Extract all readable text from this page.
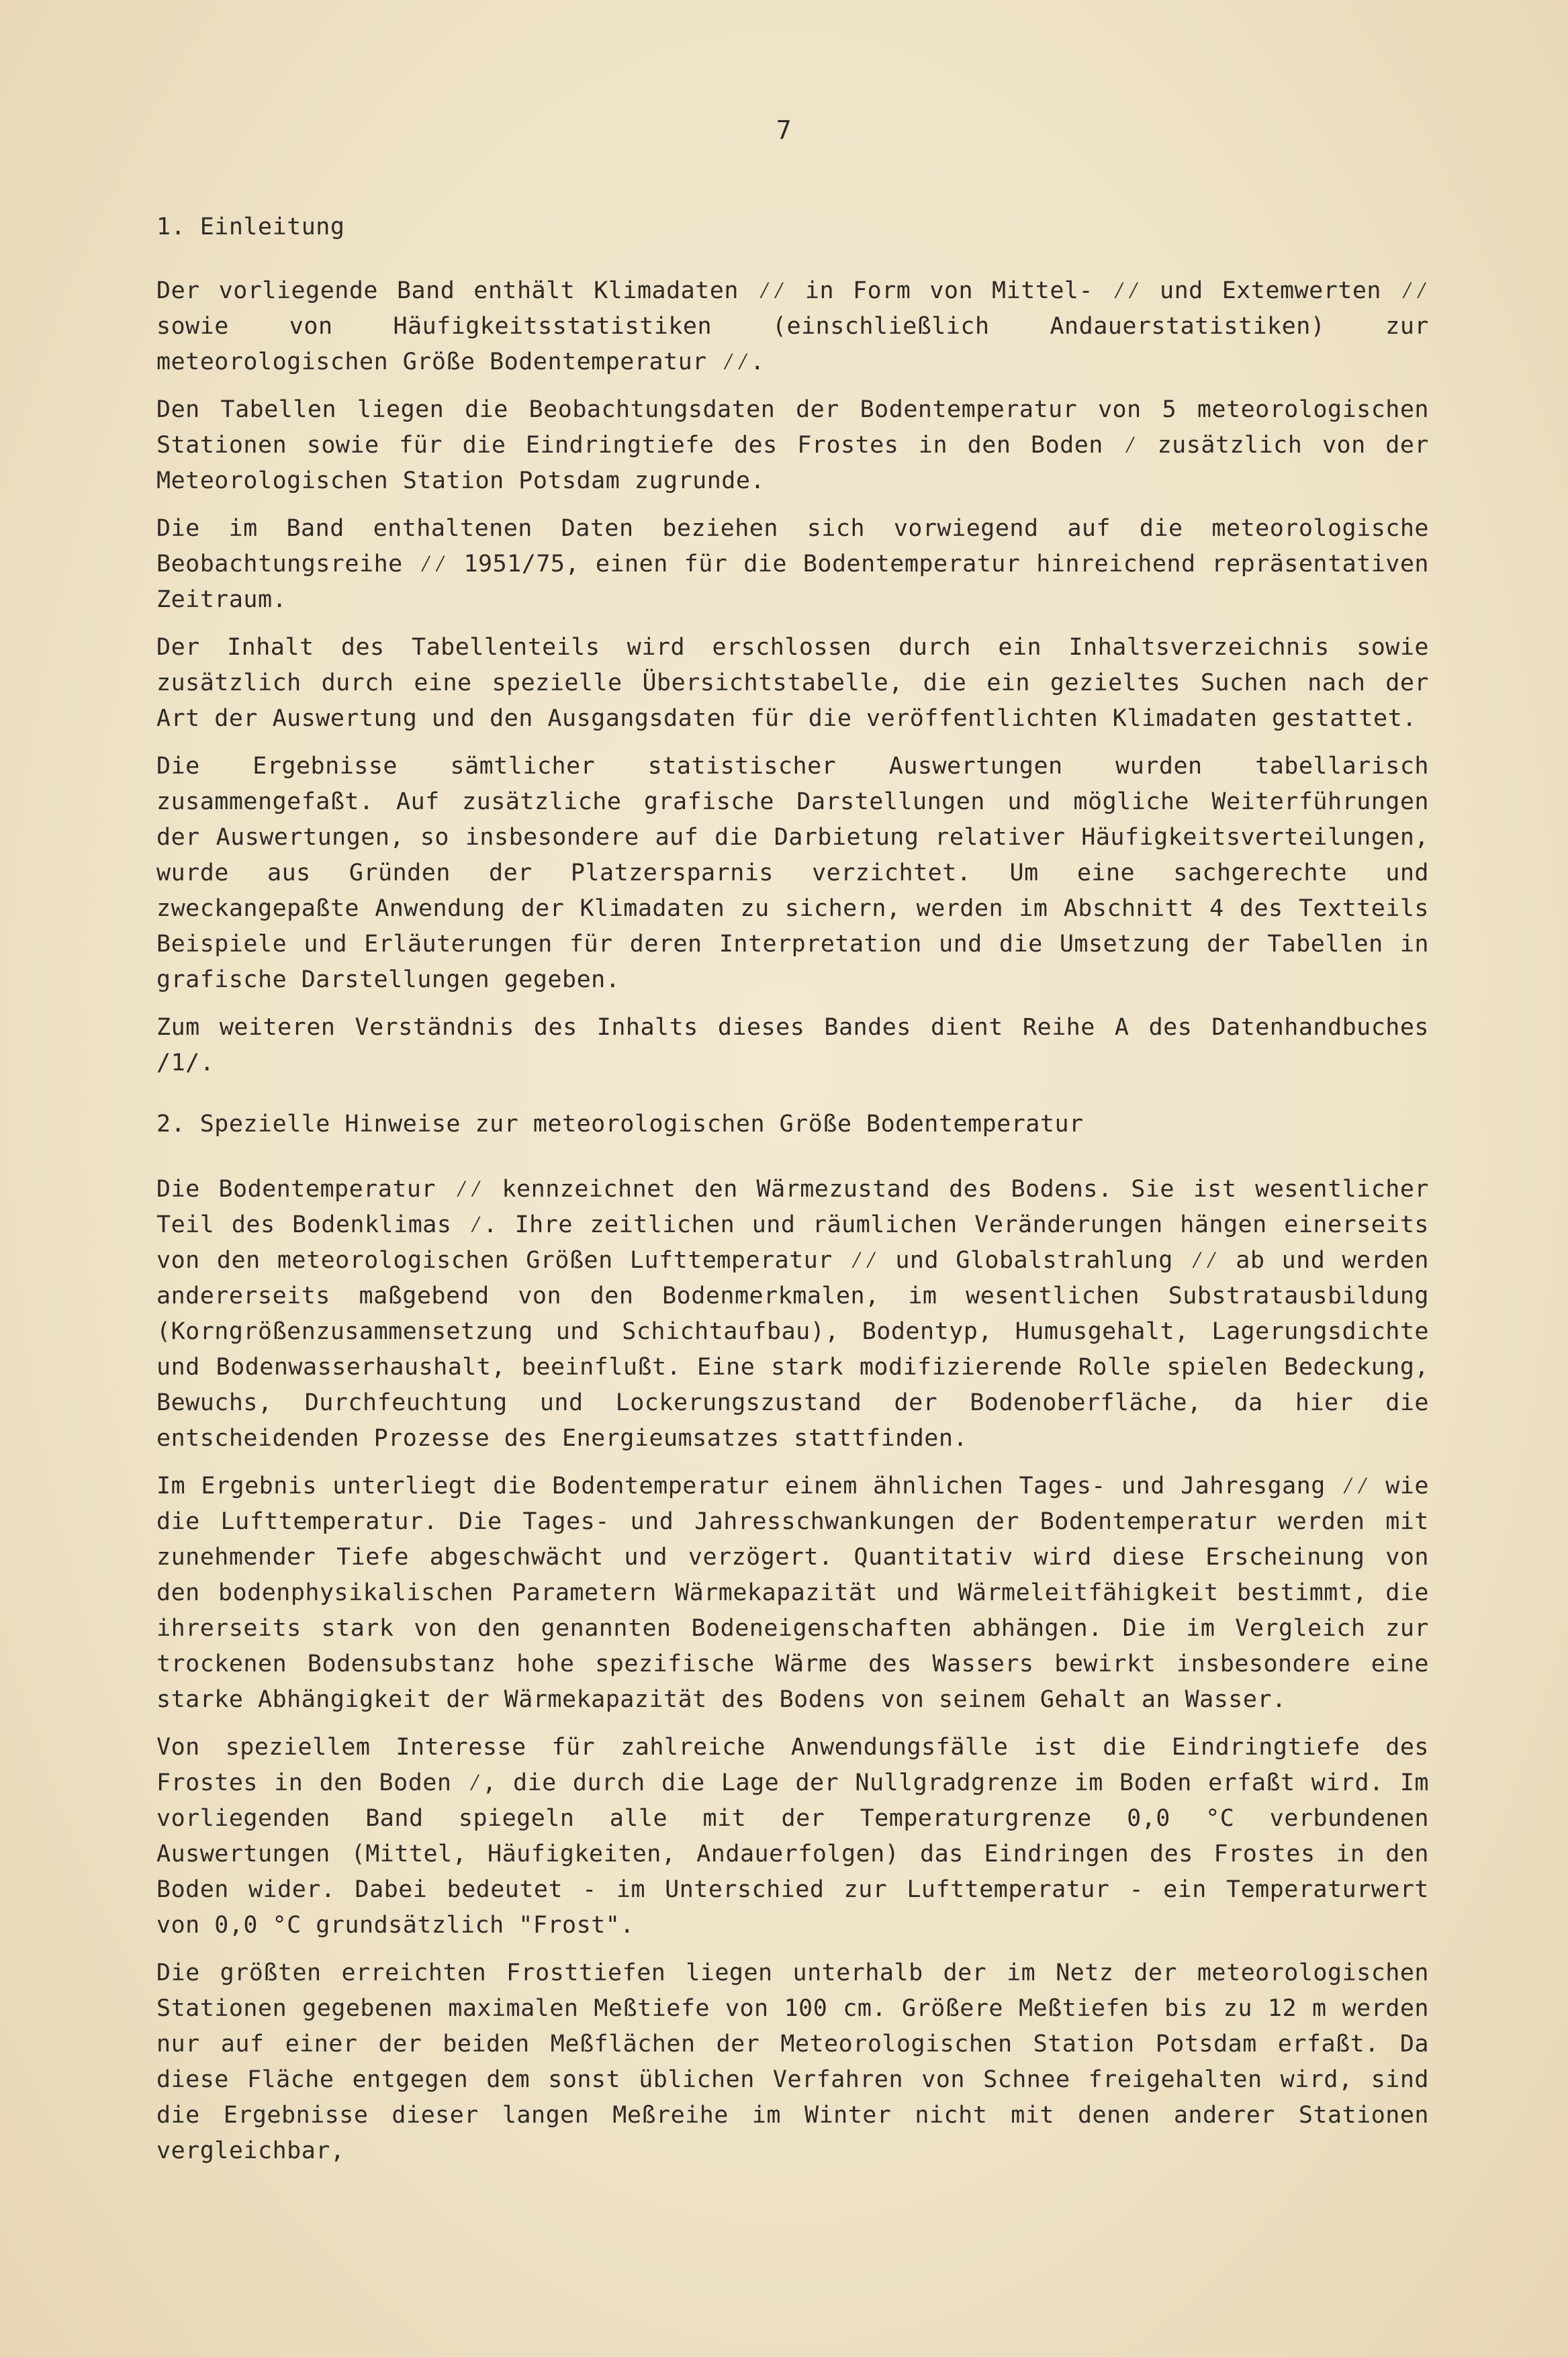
7
1. Einleitung

Der vorliegende Band enthält Klimadaten ⁄⁄ in Form von Mittel- ⁄⁄ und Extemwerten ⁄⁄ sowie von Häufigkeitsstatistiken (einschließlich Andauerstatistiken) zur meteorologischen Größe Bodentemperatur ⁄⁄.

Den Tabellen liegen die Beobachtungsdaten der Bodentemperatur von 5 meteorologischen Stationen sowie für die Eindringtiefe des Frostes in den Boden ⁄ zusätzlich von der Meteorologischen Station Potsdam zugrunde.

Die im Band enthaltenen Daten beziehen sich vorwiegend auf die meteorologische Beobachtungsreihe ⁄⁄ 1951/75, einen für die Bodentemperatur hinreichend repräsentativen Zeitraum.

Der Inhalt des Tabellenteils wird erschlossen durch ein Inhaltsverzeichnis sowie zusätzlich durch eine spezielle Übersichtstabelle, die ein gezieltes Suchen nach der Art der Auswertung und den Ausgangsdaten für die veröffentlichten Klimadaten gestattet.

Die Ergebnisse sämtlicher statistischer Auswertungen wurden tabellarisch zusammengefaßt. Auf zusätzliche grafische Darstellungen und mögliche Weiterführungen der Auswertungen, so insbesondere auf die Darbietung relativer Häufigkeitsverteilungen, wurde aus Gründen der Platzersparnis verzichtet. Um eine sachgerechte und zweckangepaßte Anwendung der Klimadaten zu sichern, werden im Abschnitt 4 des Textteils Beispiele und Erläuterungen für deren Interpretation und die Umsetzung der Tabellen in grafische Darstellungen gegeben.

Zum weiteren Verständnis des Inhalts dieses Bandes dient Reihe A des Datenhandbuches /1/.

2. Spezielle Hinweise zur meteorologischen Größe Bodentemperatur

Die Bodentemperatur ⁄⁄ kennzeichnet den Wärmezustand des Bodens. Sie ist wesentlicher Teil des Bodenklimas ⁄. Ihre zeitlichen und räumlichen Veränderungen hängen einerseits von den meteorologischen Größen Lufttemperatur ⁄⁄ und Globalstrahlung ⁄⁄ ab und werden andererseits maßgebend von den Bodenmerkmalen, im wesentlichen Substratausbildung (Korngrößenzusammensetzung und Schichtaufbau), Bodentyp, Humusgehalt, Lagerungsdichte und Bodenwasserhaushalt, beeinflußt. Eine stark modifizierende Rolle spielen Bedeckung, Bewuchs, Durchfeuchtung und Lockerungszustand der Bodenoberfläche, da hier die entscheidenden Prozesse des Energieumsatzes stattfinden.

Im Ergebnis unterliegt die Bodentemperatur einem ähnlichen Tages- und Jahresgang ⁄⁄ wie die Lufttemperatur. Die Tages- und Jahresschwankungen der Bodentemperatur werden mit zunehmender Tiefe abgeschwächt und verzögert. Quantitativ wird diese Erscheinung von den bodenphysikalischen Parametern Wärmekapazität und Wärmeleitfähigkeit bestimmt, die ihrerseits stark von den genannten Bodeneigenschaften abhängen. Die im Vergleich zur trockenen Bodensubstanz hohe spezifische Wärme des Wassers bewirkt insbesondere eine starke Abhängigkeit der Wärmekapazität des Bodens von seinem Gehalt an Wasser.

Von speziellem Interesse für zahlreiche Anwendungsfälle ist die Eindringtiefe des Frostes in den Boden ⁄, die durch die Lage der Nullgradgrenze im Boden erfaßt wird. Im vorliegenden Band spiegeln alle mit der Temperaturgrenze 0,0 °C verbundenen Auswertungen (Mittel, Häufigkeiten, Andauerfolgen) das Eindringen des Frostes in den Boden wider. Dabei bedeutet - im Unterschied zur Lufttemperatur - ein Temperaturwert von 0,0 °C grundsätzlich "Frost".

Die größten erreichten Frosttiefen liegen unterhalb der im Netz der meteorologischen Stationen gegebenen maximalen Meßtiefe von 100 cm. Größere Meßtiefen bis zu 12 m werden nur auf einer der beiden Meßflächen der Meteorologischen Station Potsdam erfaßt. Da diese Fläche entgegen dem sonst üblichen Verfahren von Schnee freigehalten wird, sind die Ergebnisse dieser langen Meßreihe im Winter nicht mit denen anderer Stationen vergleichbar,
